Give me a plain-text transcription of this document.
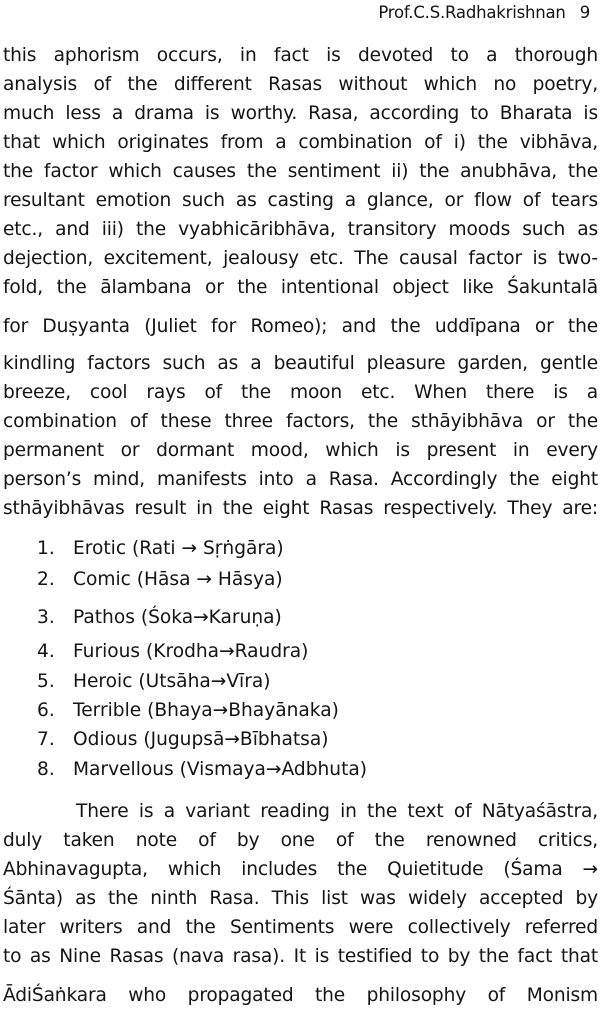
Prof.C.S.Radhakrishnan 9
this aphorism occurs, in fact is devoted to a thorough
analysis of the different Rasas without which no poetry,
much less a drama is worthy. Rasa, according to Bharata is
that which originates from a combination of i) the vibhāva,
the factor which causes the sentiment ii) the anubhāva, the
resultant emotion such as casting a glance, or flow of tears
etc., and iii) the vyabhicāribhāva, transitory moods such as
dejection, excitement, jealousy etc. The causal factor is two-
fold, the ālambana or the intentional object like Śakuntalā
for Duṣyanta (Juliet for Romeo); and the uddīpana or the
kindling factors such as a beautiful pleasure garden, gentle
breeze, cool rays of the moon etc. When there is a
combination of these three factors, the sthāyibhāva or the
permanent or dormant mood, which is present in every
person’s mind, manifests into a Rasa. Accordingly the eight
sthāyibhāvas result in the eight Rasas respectively. They are:
1. Erotic (Rati → Sṛṅgāra)
2. Comic (Hāsa → Hāsya)
3. Pathos (Śoka→Karuṇa)
4. Furious (Krodha→Raudra)
5. Heroic (Utsāha→Vīra)
6. Terrible (Bhaya→Bhayānaka)
7. Odious (Jugupsā→Bībhatsa)
8. Marvellous (Vismaya→Adbhuta)
There is a variant reading in the text of Nātyaśāstra,
duly taken note of by one of the renowned critics,
Abhinavagupta, which includes the Quietitude (Śama →
Śānta) as the ninth Rasa. This list was widely accepted by
later writers and the Sentiments were collectively referred
to as Nine Rasas (nava rasa). It is testified to by the fact that
ĀdiŚaṅkara who propagated the philosophy of Monism
